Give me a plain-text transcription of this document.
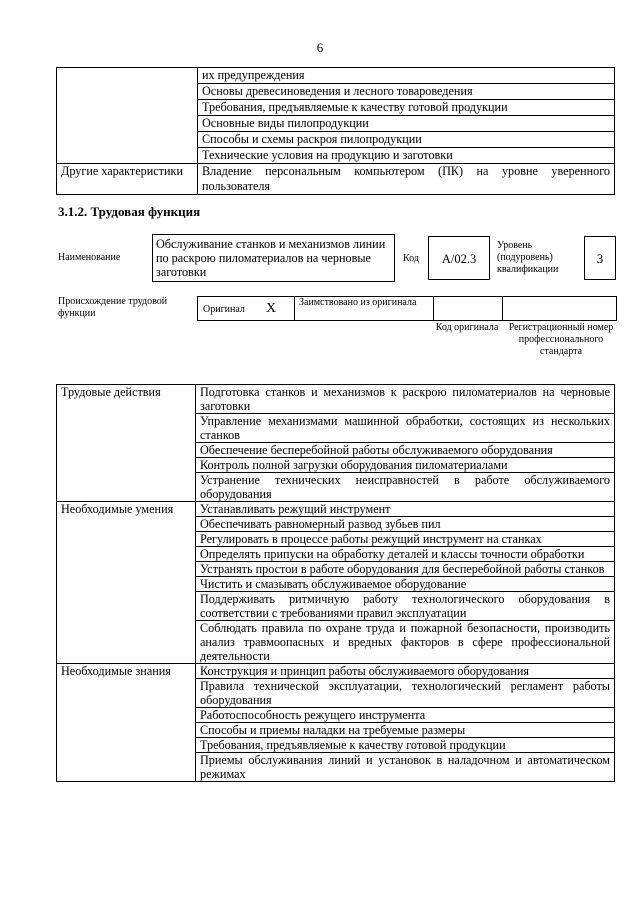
6
	их предупреждения
	Основы древесиноведения и лесного товароведения
	Требования, предъявляемые к качеству готовой продукции
	Основные виды пилопродукции
	Способы и схемы раскроя пилопродукции
	Технические условия на продукцию и заготовки
Другие характеристики	Владение персональным компьютером (ПК) на уровне уверенного пользователя
3.1.2. Трудовая функция
Наименование
Обслуживание станков и механизмов линии по раскрою пиломатериалов на черновые заготовки
Код	A/02.3
Уровень (подуровень) квалификации
3
Происхождение трудовой функции	Оригинал X Заимствовано из оригинала
Код оригинала	Регистрационный номер профессионального стандарта
Трудовые действия	Подготовка станков и механизмов к раскрою пиломатериалов на черновые заготовки
	Управление механизмами машинной обработки, состоящих из нескольких станков
	Обеспечение бесперебойной работы обслуживаемого оборудования
	Контроль полной загрузки оборудования пиломатериалами
	Устранение технических неисправностей в работе обслуживаемого оборудования
Необходимые умения	Устанавливать режущий инструмент
	Обеспечивать равномерный развод зубьев пил
	Регулировать в процессе работы режущий инструмент на станках
	Определять припуски на обработку деталей и классы точности обработки
	Устранять простои в работе оборудования для бесперебойной работы станков
	Чистить и смазывать обслуживаемое оборудование
	Поддерживать ритмичную работу технологического оборудования в соответствии с требованиями правил эксплуатации
	Соблюдать правила по охране труда и пожарной безопасности, производить анализ травмоопасных и вредных факторов в сфере профессиональной деятельности
Необходимые знания	Конструкция и принцип работы обслуживаемого оборудования
	Правила технической эксплуатации, технологический регламент работы оборудования
	Работоспособность режущего инструмента
	Способы и приемы наладки на требуемые размеры
	Требования, предъявляемые к качеству готовой продукции
	Приемы обслуживания линий и установок в наладочном и автоматическом режимах
